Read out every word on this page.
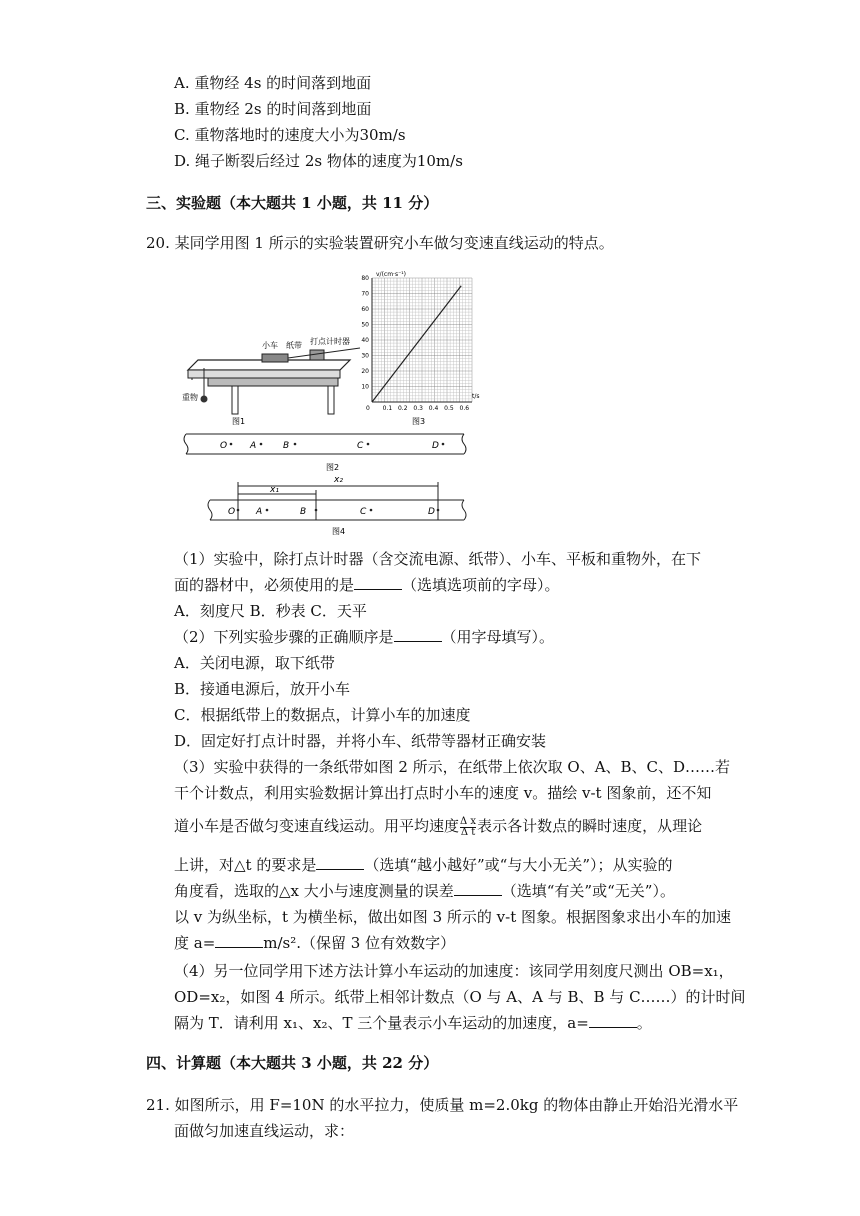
A. 重物经 4s 的时间落到地面
B. 重物经 2s 的时间落到地面
C. 重物落地时的速度大小为30m/s
D. 绳子断裂后经过 2s 物体的速度为10m/s
三、实验题（本大题共 1 小题，共 11 分）
20. 某同学用图 1 所示的实验装置研究小车做匀变速直线运动的特点。
小车 纸带 打点计时器
重物
图1
10
20
30
40
50
60
70
80
0.1 0.2 0.3 0.4 0.5 0.6
v/(cm·s⁻¹)
t/s
0
图3
O	A	B	C	D
图2
x₂
x₁
O A	B	C	D
图4
（1）实验中，除打点计时器（含交流电源、纸带）、小车、平板和重物外，在下
面的器材中，必须使用的是	（选填选项前的字母）。
A．刻度尺 B．秒表 C．天平
（2）下列实验步骤的正确顺序是	（用字母填写）。
A．关闭电源，取下纸带
B．接通电源后，放开小车
C．根据纸带上的数据点，计算小车的加速度
D．固定好打点计时器，并将小车、纸带等器材正确安装
（3）实验中获得的一条纸带如图 2 所示，在纸带上依次取 O、A、B、C、D……若
干个计数点，利用实验数据计算出打点时小车的速度 v。描绘 v-t 图象前，还不知
道小车是否做匀变速直线运动。用平均速度 $\frac{\text{Δ x}}{\text{Δ t}}$ 表示各计数点的瞬时速度，从理论
上讲，对△t 的要求是	（选填“越小越好”或“与大小无关”）；从实验的
角度看，选取的△x 大小与速度测量的误差	（选填“有关”或“无关”）。
以 v 为纵坐标，t 为横坐标，做出如图 3 所示的 v-t 图象。根据图象求出小车的加速
度 a=	m/s².（保留 3 位有效数字）
（4）另一位同学用下述方法计算小车运动的加速度：该同学用刻度尺测出 OB=x₁，
OD=x₂，如图 4 所示。纸带上相邻计数点（O 与 A、A 与 B、B 与 C……）的计时间
隔为 T．请利用 x₁、x₂、T 三个量表示小车运动的加速度，a=	。
四、计算题（本大题共 3 小题，共 22 分）
21. 如图所示，用 F=10N 的水平拉力，使质量 m=2.0kg 的物体由静止开始沿光滑水平
面做匀加速直线运动，求：
